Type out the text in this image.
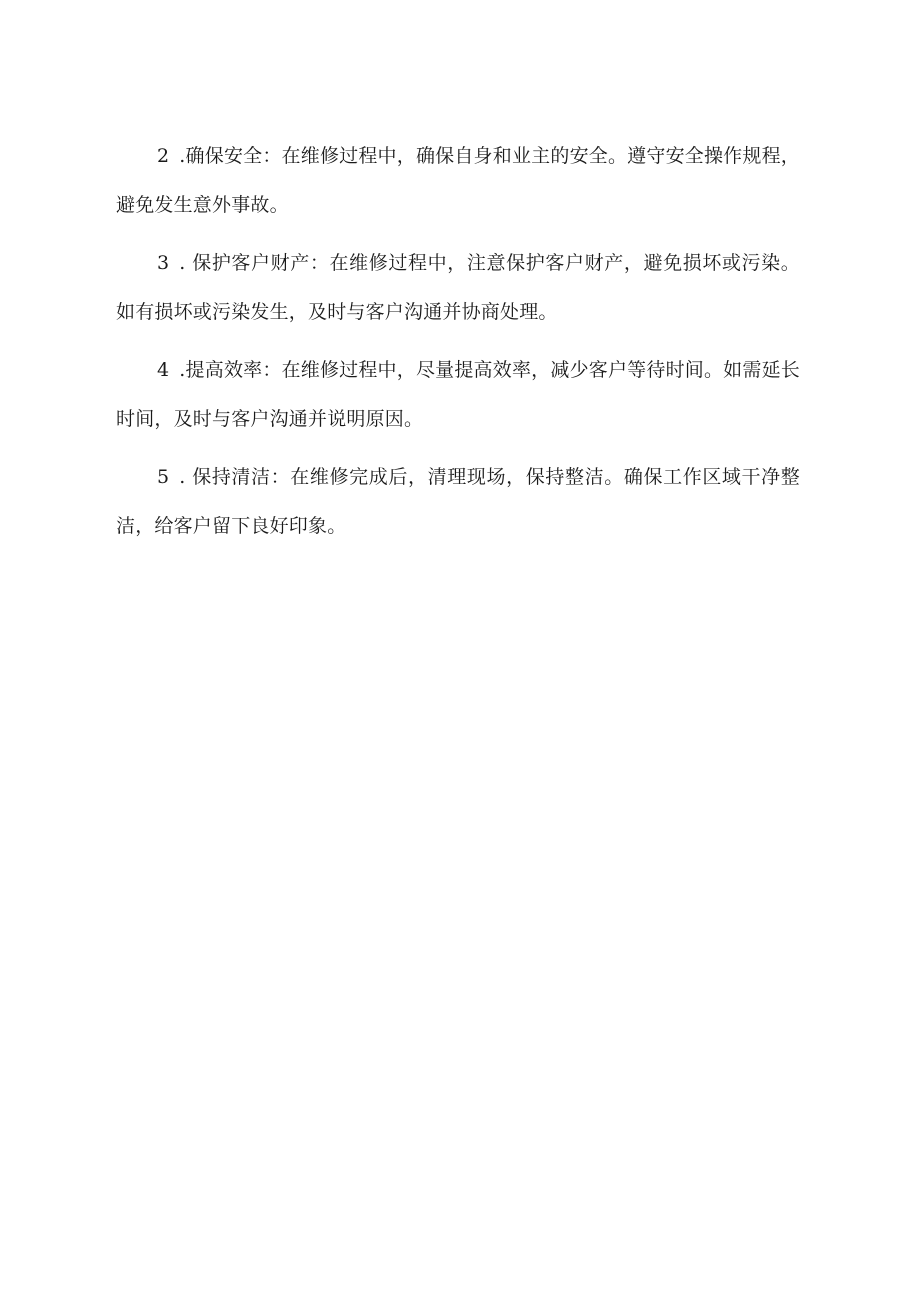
2 .确保安全：在维修过程中，确保自身和业主的安全。遵守安全操作规程，避免发生意外事故。

3 . 保护客户财产：在维修过程中，注意保护客户财产，避免损坏或污染。如有损坏或污染发生，及时与客户沟通并协商处理。

4 .提高效率：在维修过程中，尽量提高效率，减少客户等待时间。如需延长时间，及时与客户沟通并说明原因。

5 . 保持清洁：在维修完成后，清理现场，保持整洁。确保工作区域干净整洁，给客户留下良好印象。
